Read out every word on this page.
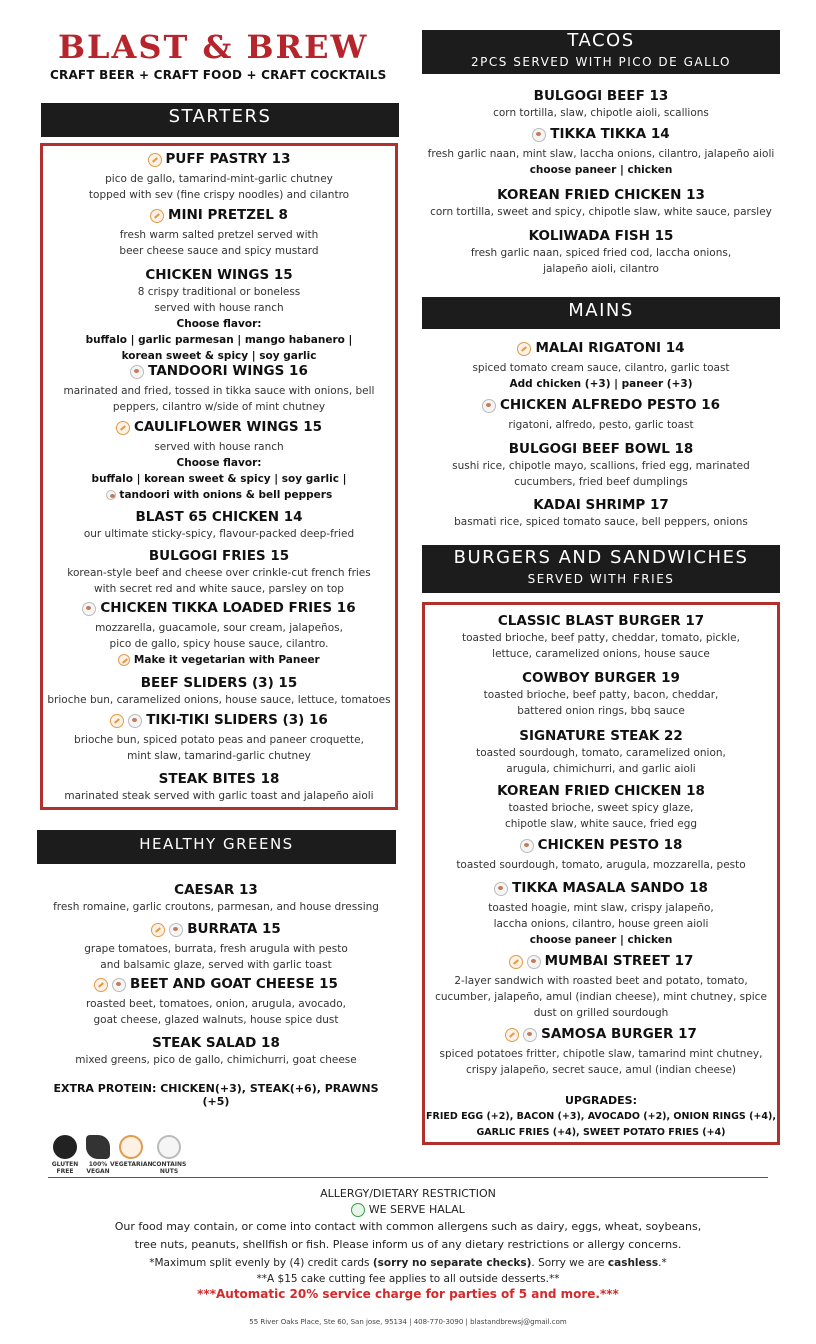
BLAST & BREW
CRAFT BEER + CRAFT FOOD + CRAFT COCKTAILS
STARTERS
PUFF PASTRY 13
pico de gallo, tamarind-mint-garlic chutney
topped with sev (fine crispy noodles) and cilantro
MINI PRETZEL 8
fresh warm salted pretzel served with
beer cheese sauce and spicy mustard
CHICKEN WINGS 15
8 crispy traditional or boneless
served with house ranch
Choose flavor:
buffalo | garlic parmesan | mango habanero |
korean sweet & spicy | soy garlic
TANDOORI WINGS 16
marinated and fried, tossed in tikka sauce with onions, bell
peppers, cilantro w/side of mint chutney
CAULIFLOWER WINGS 15
served with house ranch
Choose flavor:
buffalo | korean sweet & spicy | soy garlic |
tandoori with onions & bell peppers
BLAST 65 CHICKEN 14
our ultimate sticky-spicy, flavour-packed deep-fried
BULGOGI FRIES 15
korean-style beef and cheese over crinkle-cut french fries
with secret red and white sauce, parsley on top
CHICKEN TIKKA LOADED FRIES 16
mozzarella, guacamole, sour cream, jalapeños,
pico de gallo, spicy house sauce, cilantro.
Make it vegetarian with Paneer
BEEF SLIDERS (3) 15
brioche bun, caramelized onions, house sauce, lettuce, tomatoes
TIKI-TIKI SLIDERS (3) 16
brioche bun, spiced potato peas and paneer croquette,
mint slaw, tamarind-garlic chutney
STEAK BITES 18
marinated steak served with garlic toast and jalapeño aioli
HEALTHY GREENS
CAESAR 13
fresh romaine, garlic croutons, parmesan, and house dressing
BURRATA 15
grape tomatoes, burrata, fresh arugula with pesto
and balsamic glaze, served with garlic toast
BEET AND GOAT CHEESE 15
roasted beet, tomatoes, onion, arugula, avocado,
goat cheese, glazed walnuts, house spice dust
STEAK SALAD 18
mixed greens, pico de gallo, chimichurri, goat cheese
EXTRA PROTEIN: CHICKEN(+3), STEAK(+6), PRAWNS (+5)
GLUTEN
FREE
100%
VEGAN
VEGETARIAN CONTAINS
NUTS
TACOS
2PCS SERVED WITH PICO DE GALLO
BULGOGI BEEF 13
corn tortilla, slaw, chipotle aioli, scallions
TIKKA TIKKA 14
fresh garlic naan, mint slaw, laccha onions, cilantro, jalapeño aioli
choose paneer | chicken
KOREAN FRIED CHICKEN 13
corn tortilla, sweet and spicy, chipotle slaw, white sauce, parsley
KOLIWADA FISH 15
fresh garlic naan, spiced fried cod, laccha onions,
jalapeño aioli, cilantro
MAINS
MALAI RIGATONI 14
spiced tomato cream sauce, cilantro, garlic toast
Add chicken (+3) | paneer (+3)
CHICKEN ALFREDO PESTO 16
rigatoni, alfredo, pesto, garlic toast
BULGOGI BEEF BOWL 18
sushi rice, chipotle mayo, scallions, fried egg, marinated
cucumbers, fried beef dumplings
KADAI SHRIMP 17
basmati rice, spiced tomato sauce, bell peppers, onions
BURGERS AND SANDWICHES
SERVED WITH FRIES
CLASSIC BLAST BURGER 17
toasted brioche, beef patty, cheddar, tomato, pickle,
lettuce, caramelized onions, house sauce
COWBOY BURGER 19
toasted brioche, beef patty, bacon, cheddar,
battered onion rings, bbq sauce
SIGNATURE STEAK 22
toasted sourdough, tomato, caramelized onion,
arugula, chimichurri, and garlic aioli
KOREAN FRIED CHICKEN 18
toasted brioche, sweet spicy glaze,
chipotle slaw, white sauce, fried egg
CHICKEN PESTO 18
toasted sourdough, tomato, arugula, mozzarella, pesto
TIKKA MASALA SANDO 18
toasted hoagie, mint slaw, crispy jalapeño,
laccha onions, cilantro, house green aioli
choose paneer | chicken
MUMBAI STREET 17
2-layer sandwich with roasted beet and potato, tomato,
cucumber, jalapeño, amul (indian cheese), mint chutney, spice
dust on grilled sourdough
SAMOSA BURGER 17
spiced potatoes fritter, chipotle slaw, tamarind mint chutney,
crispy jalapeño, secret sauce, amul (indian cheese)
UPGRADES:
FRIED EGG (+2), BACON (+3), AVOCADO (+2), ONION RINGS (+4),
GARLIC FRIES (+4), SWEET POTATO FRIES (+4)
ALLERGY/DIETARY RESTRICTION
WE SERVE HALAL
Our food may contain, or come into contact with common allergens such as dairy, eggs, wheat, soybeans,
tree nuts, peanuts, shellfish or fish. Please inform us of any dietary restrictions or allergy concerns.
*Maximum split evenly by (4) credit cards (sorry no separate checks). Sorry we are cashless.*
**A $15 cake cutting fee applies to all outside desserts.**
***Automatic 20% service charge for parties of 5 and more.***
55 River Oaks Place, Ste 60, San jose, 95134 | 408-770-3090 | blastandbrewsj@gmail.com
